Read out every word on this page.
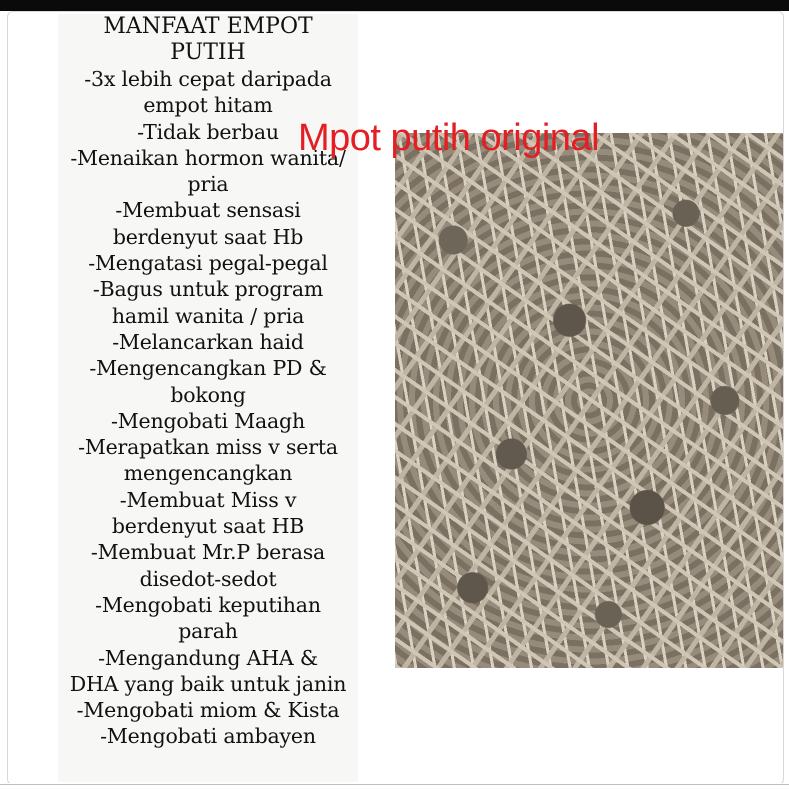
MANFAAT EMPOT
PUTIH
-3x lebih cepat daripada
empot hitam
-Tidak berbau
-Menaikan hormon wanita/
pria
-Membuat sensasi
berdenyut saat Hb
-Mengatasi pegal-pegal
-Bagus untuk program
hamil wanita / pria
-Melancarkan haid
-Mengencangkan PD &
bokong
-Mengobati Maagh
-Merapatkan miss v serta
mengencangkan
-Membuat Miss v
berdenyut saat HB
-Membuat Mr.P berasa
disedot-sedot
-Mengobati keputihan
parah
-Mengandung AHA &
DHA yang baik untuk janin
-Mengobati miom & Kista
-Mengobati ambayen

Mpot putih original
